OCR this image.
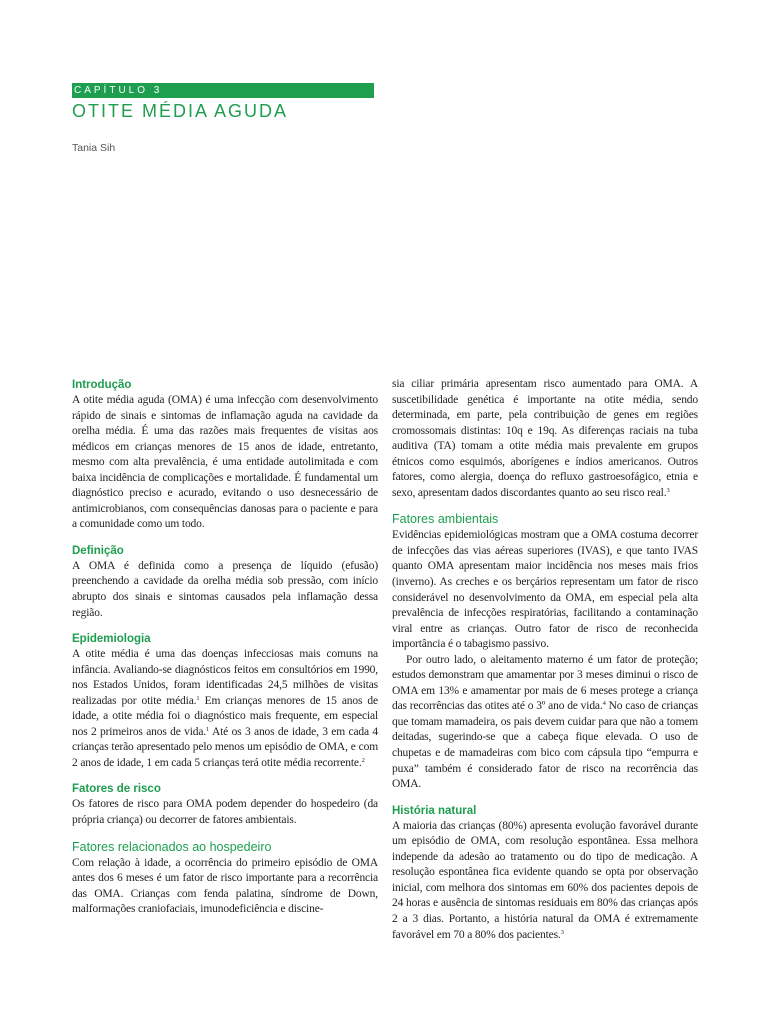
CAPÍTULO 3
OTITE MÉDIA AGUDA

Tania Sih

Introdução

A otite média aguda (OMA) é uma infecção com desenvolvimento rápido de sinais e sintomas de inflamação aguda na cavidade da orelha média. É uma das razões mais frequentes de visitas aos médicos em crianças menores de 15 anos de idade, entretanto, mesmo com alta prevalência, é uma entidade autolimitada e com baixa incidência de complicações e mortalidade. É fundamental um diagnóstico preciso e acurado, evitando o uso desnecessário de antimicrobianos, com consequências danosas para o paciente e para a comunidade como um todo.

Definição

A OMA é definida como a presença de líquido (efusão) preenchendo a cavidade da orelha média sob pressão, com início abrupto dos sinais e sintomas causados pela inflamação dessa região.

Epidemiologia

A otite média é uma das doenças infecciosas mais comuns na infância. Avaliando-se diagnósticos feitos em consultórios em 1990, nos Estados Unidos, foram identificadas 24,5 milhões de visitas realizadas por otite média.$^1$ Em crianças menores de 15 anos de idade, a otite média foi o diagnóstico mais frequente, em especial nos 2 primeiros anos de vida.$^1$ Até os 3 anos de idade, 3 em cada 4 crianças terão apresentado pelo menos um episódio de OMA, e com 2 anos de idade, 1 em cada 5 crianças terá otite média recorrente.$^2$

Fatores de risco

Os fatores de risco para OMA podem depender do hospedeiro (da própria criança) ou decorrer de fatores ambientais.

Fatores relacionados ao hospedeiro

Com relação à idade, a ocorrência do primeiro episódio de OMA antes dos 6 meses é um fator de risco importante para a recorrência das OMA. Crianças com fenda palatina, síndrome de Down, malformações craniofaciais, imunodeficiência e discine-

sia ciliar primária apresentam risco aumentado para OMA. A suscetibilidade genética é importante na otite média, sendo determinada, em parte, pela contribuição de genes em regiões cromossomais distintas: 10q e 19q. As diferenças raciais na tuba auditiva (TA) tomam a otite média mais prevalente em grupos étnicos como esquimós, aborígenes e índios americanos. Outros fatores, como alergia, doença do refluxo gastroesofágico, etnia e sexo, apresentam dados discordantes quanto ao seu risco real.$^3$

Fatores ambientais

Evidências epidemiológicas mostram que a OMA costuma decorrer de infecções das vias aéreas superiores (IVAS), e que tanto IVAS quanto OMA apresentam maior incidência nos meses mais frios (inverno). As creches e os berçários representam um fator de risco considerável no desenvolvimento da OMA, em especial pela alta prevalência de infecções respiratórias, facilitando a contaminação viral entre as crianças. Outro fator de risco de reconhecida importância é o tabagismo passivo.

Por outro lado, o aleitamento materno é um fator de proteção; estudos demonstram que amamentar por 3 meses diminui o risco de OMA em 13% e amamentar por mais de 6 meses protege a criança das recorrências das otites até o 3º ano de vida.$^4$ No caso de crianças que tomam mamadeira, os pais devem cuidar para que não a tomem deitadas, sugerindo-se que a cabeça fique elevada. O uso de chupetas e de mamadeiras com bico com cápsula tipo “empurra e puxa” também é considerado fator de risco na recorrência das OMA.

História natural

A maioria das crianças (80%) apresenta evolução favorável durante um episódio de OMA, com resolução espontânea. Essa melhora independe da adesão ao tratamento ou do tipo de medicação. A resolução espontânea fica evidente quando se opta por observação inicial, com melhora dos sintomas em 60% dos pacientes depois de 24 horas e ausência de sintomas residuais em 80% das crianças após 2 a 3 dias. Portanto, a história natural da OMA é extremamente favorável em 70 a 80% dos pacientes.$^3$
